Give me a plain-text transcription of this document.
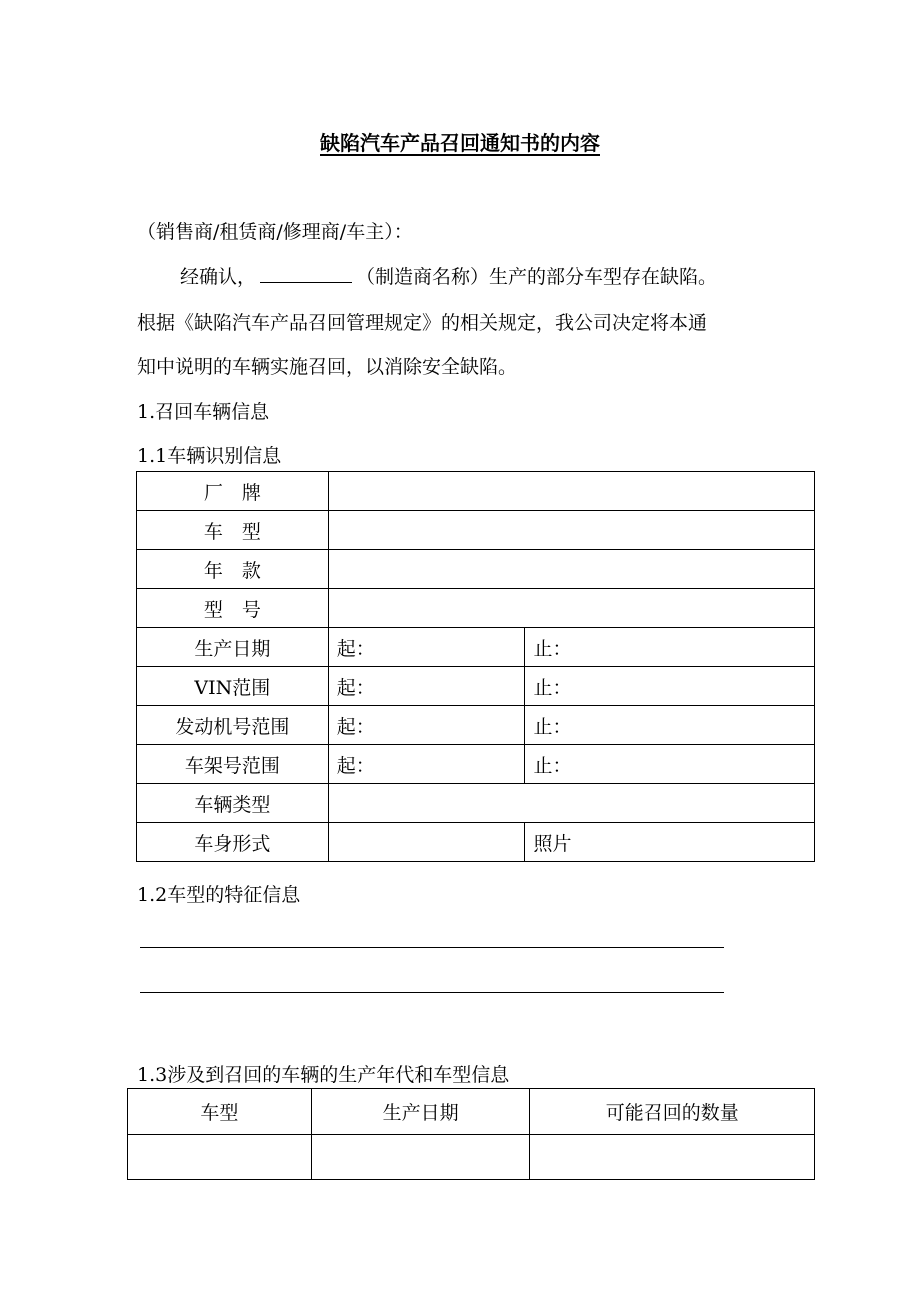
缺陷汽车产品召回通知书的内容
（销售商/租赁商/修理商/车主）：
经确认，	（制造商名称）生产的部分车型存在缺陷。
根据《缺陷汽车产品召回管理规定》的相关规定，我公司决定将本通
知中说明的车辆实施召回，以消除安全缺陷。
1.召回车辆信息
1.1车辆识别信息
厂　牌		
车　型		
年　款		
型　号		
生产日期	起：	止：
VIN范围	起：	止：
发动机号范围	起：	止：
车架号范围	起：	止：
车辆类型		
车身形式		照片
1.2车型的特征信息
1.3涉及到召回的车辆的生产年代和车型信息
车型	生产日期	可能召回的数量
